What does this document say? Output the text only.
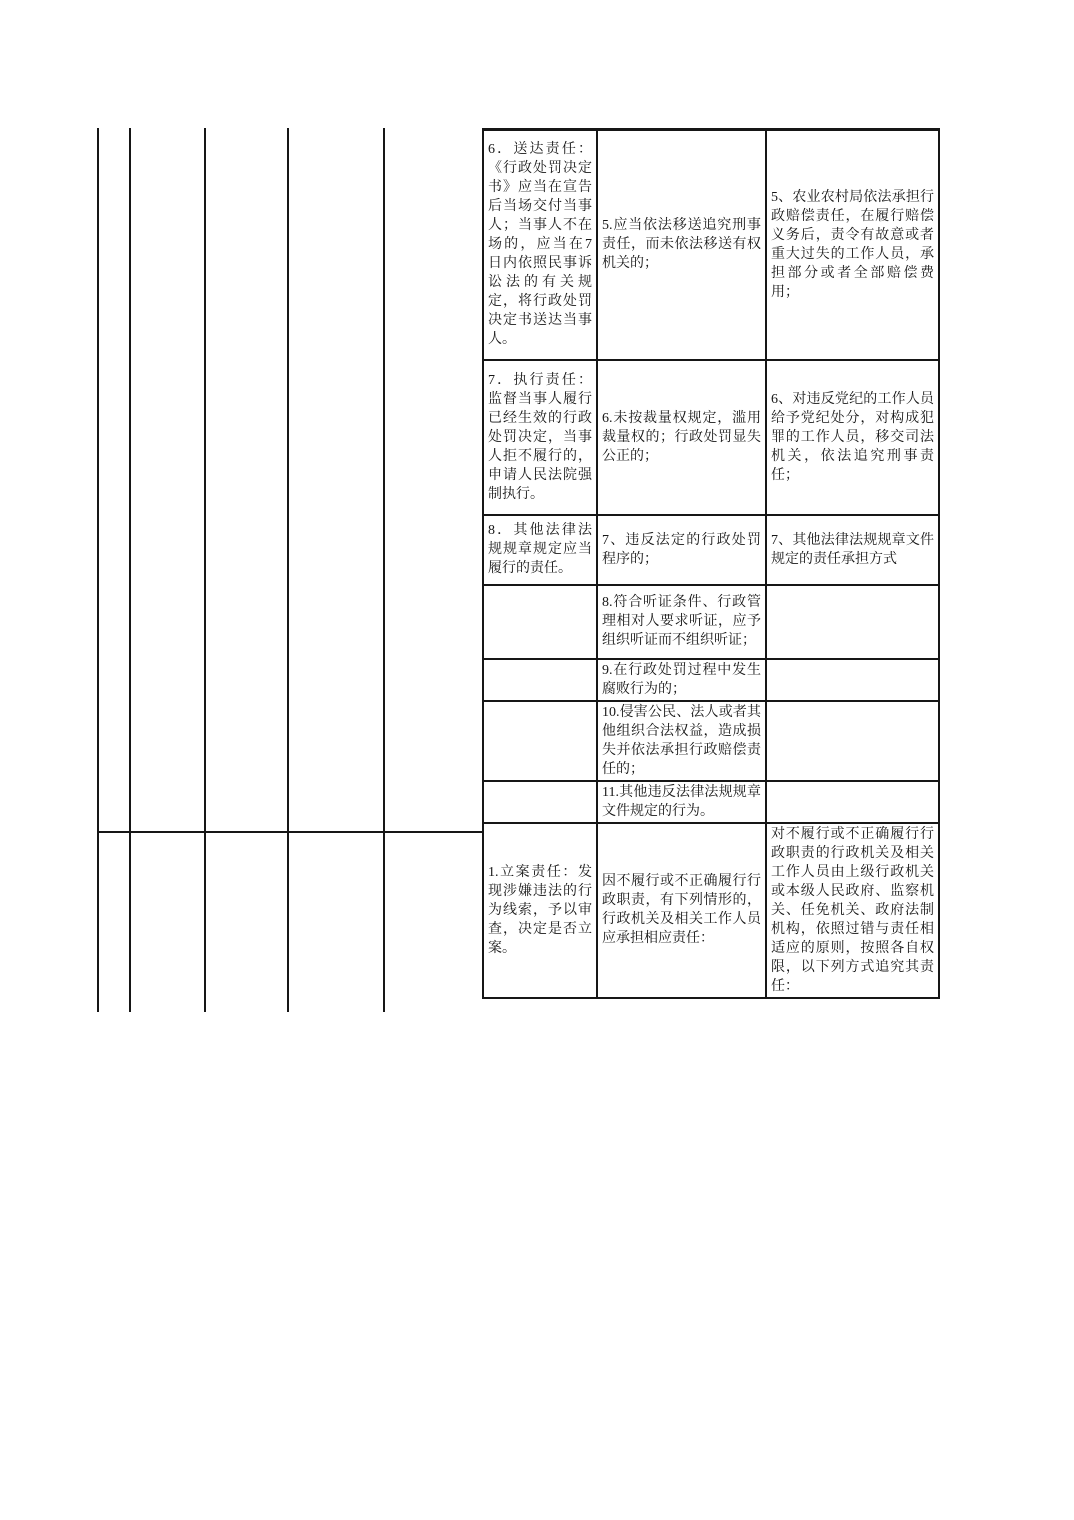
6．送达责任：《行政处罚决定书》应当在宣告后当场交付当事人；当事人不在场的，应当在7日内依照民事诉讼法的有关规定，将行政处罚决定书送达当事人。	5.应当依法移送追究刑事责任，而未依法移送有权机关的；	5、农业农村局依法承担行政赔偿责任，在履行赔偿义务后，责令有故意或者重大过失的工作人员，承担部分或者全部赔偿费用；
7．执行责任：监督当事人履行已经生效的行政处罚决定，当事人拒不履行的，申请人民法院强制执行。	6.未按裁量权规定，滥用裁量权的；行政处罚显失公正的；	6、对违反党纪的工作人员给予党纪处分，对构成犯罪的工作人员，移交司法机关，依法追究刑事责任；
8．其他法律法规规章规定应当履行的责任。	7、违反法定的行政处罚程序的；	7、其他法律法规规章文件规定的责任承担方式
	8.符合听证条件、行政管理相对人要求听证，应予组织听证而不组织听证；	
	9.在行政处罚过程中发生腐败行为的；	
	10.侵害公民、法人或者其他组织合法权益，造成损失并依法承担行政赔偿责任的；	
	11.其他违反法律法规规章文件规定的行为。	
1.立案责任：发现涉嫌违法的行为线索，予以审查，决定是否立案。	因不履行或不正确履行行政职责，有下列情形的，行政机关及相关工作人员应承担相应责任：	对不履行或不正确履行行政职责的行政机关及相关工作人员由上级行政机关或本级人民政府、监察机关、任免机关、政府法制机构，依照过错与责任相适应的原则，按照各自权限，以下列方式追究其责任：
